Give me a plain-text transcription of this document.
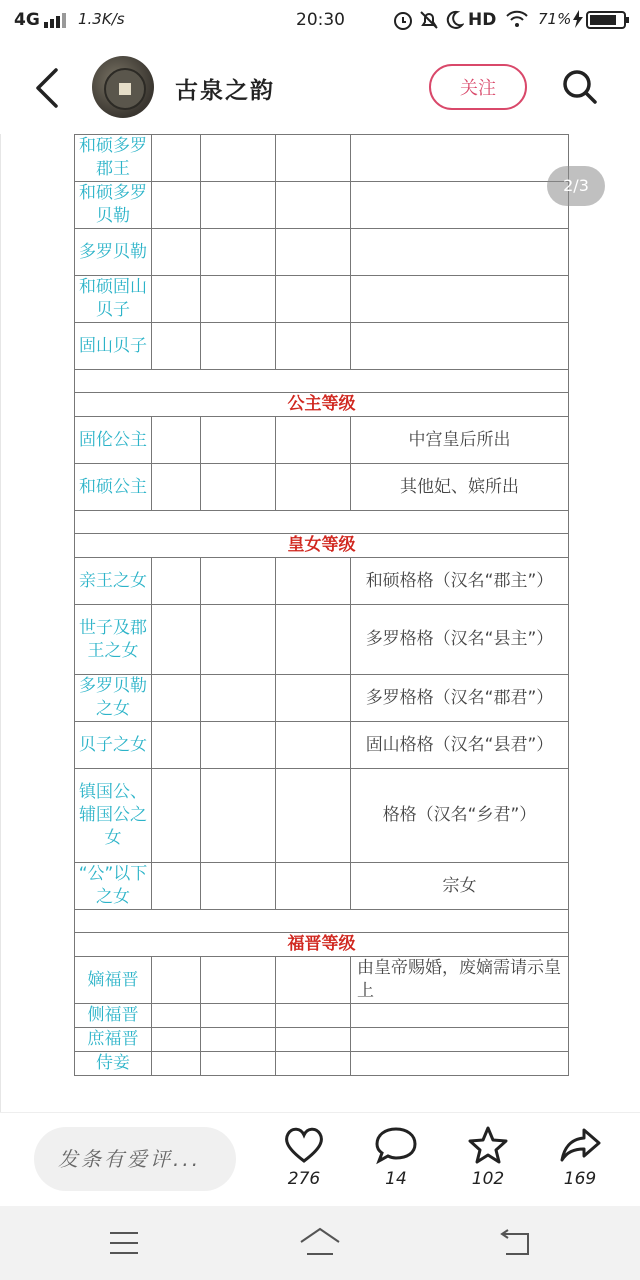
4G	1.3K/s	20:30	HD	71%
古泉之韵	关注
和硕多罗郡王				
和硕多罗贝勒				
多罗贝勒				
和硕固山贝子				
固山贝子				

公主等级				
固伦公主				中宫皇后所出
和硕公主				其他妃、嫔所出

皇女等级				
亲王之女				和硕格格（汉名“郡主”）
世子及郡王之女				多罗格格（汉名“县主”）
多罗贝勒之女				多罗格格（汉名“郡君”）
贝子之女				固山格格（汉名“县君”）
镇国公、辅国公之女				格格（汉名“乡君”）
“公”以下之女				宗女

福晋等级				
嫡福晋				由皇帝赐婚，废嫡需请示皇上
侧福晋				
庶福晋				
侍妾				
2/3
发条有爱评...
276	14	102	169
